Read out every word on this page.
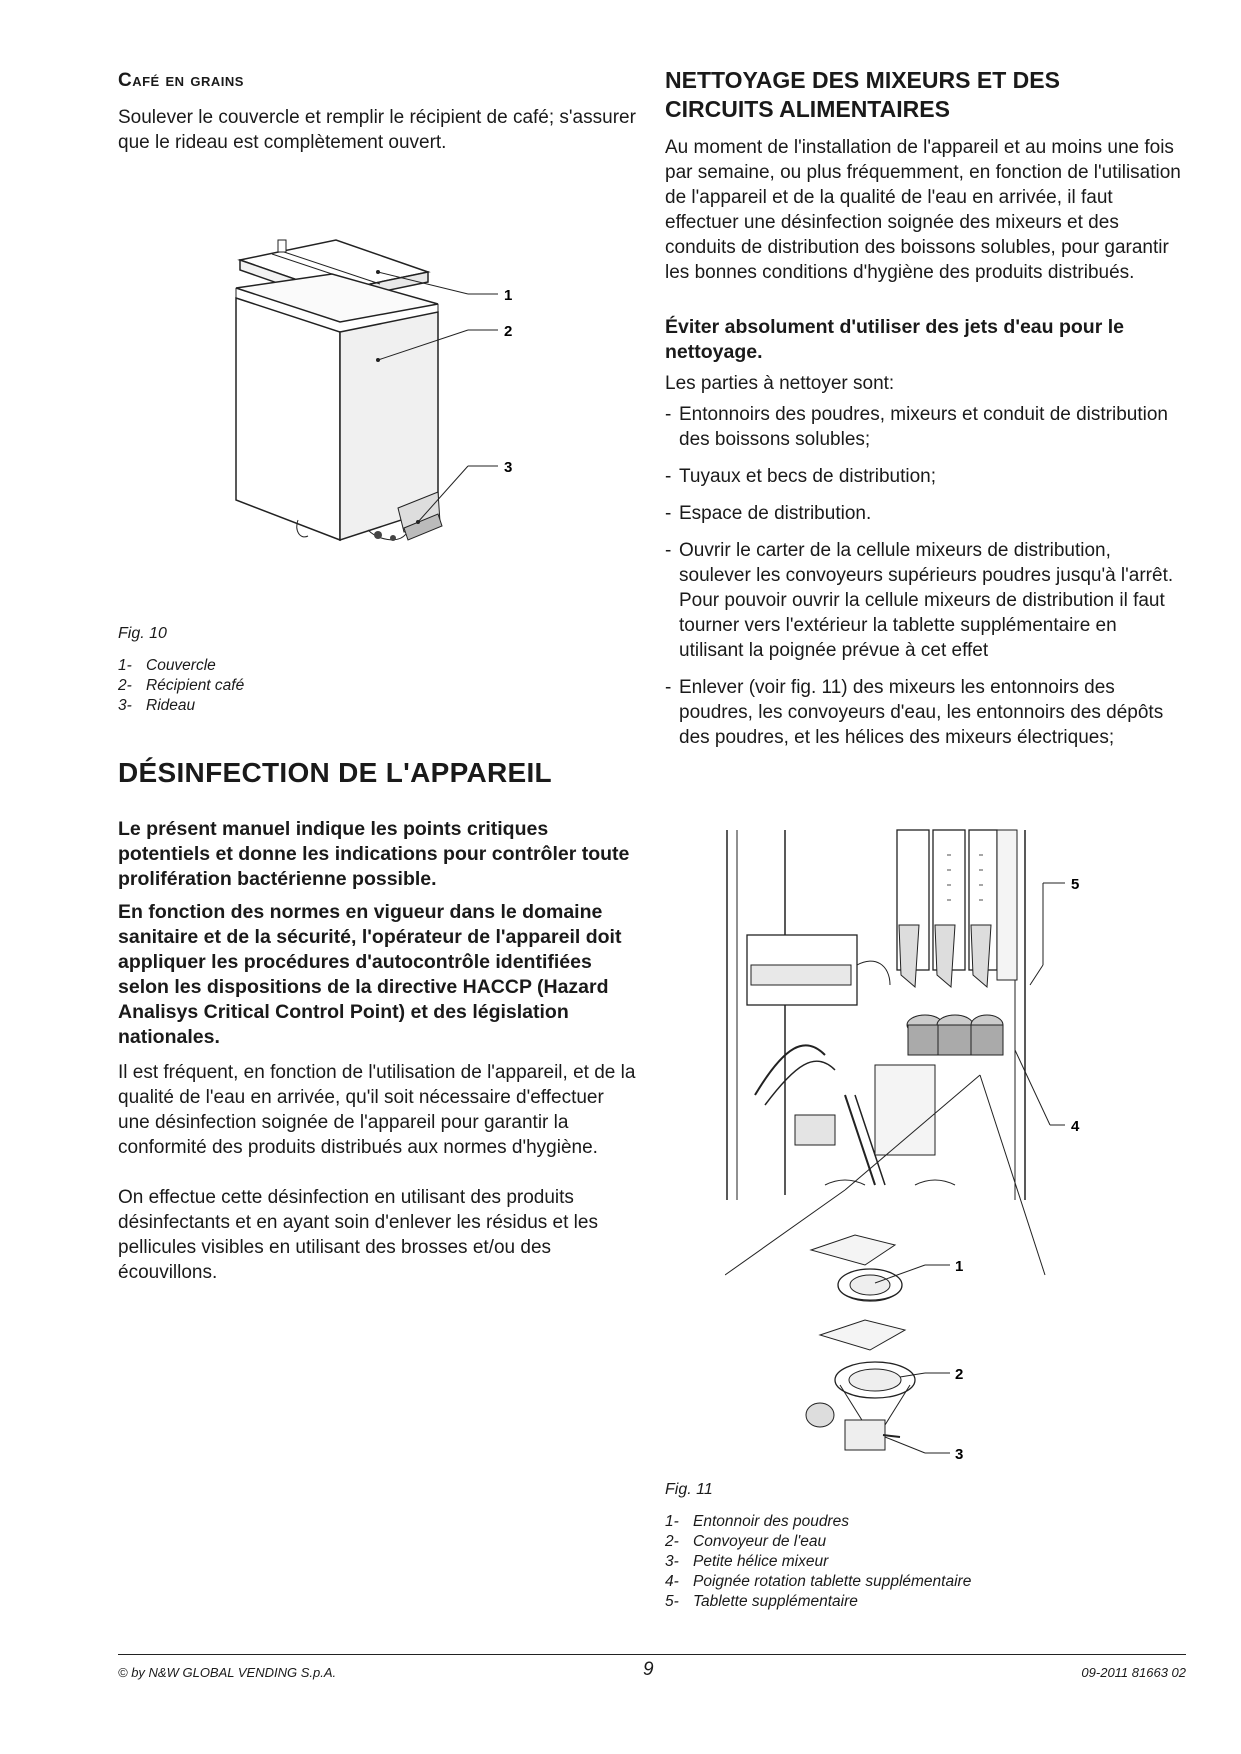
Café en grains

Soulever le couvercle et remplir le récipient de café; s'assurer que le rideau est complètement ouvert.

1
2
3
Fig. 10
1- Couvercle
2- Récipient café
3- Rideau
DÉSINFECTION DE L'APPAREIL

Le présent manuel indique les points critiques potentiels et donne les indications pour contrôler toute prolifération bactérienne possible.

En fonction des normes en vigueur dans le domaine sanitaire et de la sécurité, l'opérateur de l'appareil doit appliquer les procédures d'autocontrôle identifiées selon les dispositions de la directive HACCP (Hazard Analisys Critical Control Point) et des législation nationales.

Il est fréquent, en fonction de l'utilisation de l'appareil, et de la qualité de l'eau en arrivée, qu'il soit nécessaire d'effectuer une désinfection soignée de l'appareil pour garantir la conformité des produits distribués aux normes d'hygiène.

On effectue cette désinfection en utilisant des produits désinfectants et en ayant soin d'enlever les résidus et les pellicules visibles en utilisant des brosses et/ou des écouvillons.

NETTOYAGE DES MIXEURS ET DES
CIRCUITS ALIMENTAIRES

Au moment de l'installation de l'appareil et au moins une fois par semaine, ou plus fréquemment, en fonction de l'utilisation de l'appareil et de la qualité de l'eau en arrivée, il faut effectuer une désinfection soignée des mixeurs et des conduits de distribution des boissons solubles, pour garantir les bonnes conditions d'hygiène des produits distribués.

Éviter absolument d'utiliser des jets d'eau pour le nettoyage.

Les parties à nettoyer sont:

- Entonnoirs des poudres, mixeurs et conduit de distribution des boissons solubles;

- Tuyaux et becs de distribution;

- Espace de distribution.

- Ouvrir le carter de la cellule mixeurs de distribution, soulever les convoyeurs supérieurs poudres jusqu'à l'arrêt.
Pour pouvoir ouvrir la cellule mixeurs de distribution il faut tourner vers l'extérieur la tablette supplémentaire en utilisant la poignée prévue à cet effet

- Enlever (voir fig. 11) des mixeurs les entonnoirs des poudres, les convoyeurs d'eau, les entonnoirs des dépôts des poudres, et les hélices des mixeurs électriques;

5
4
1
2
3
Fig. 11
1- Entonnoir des poudres
2- Convoyeur de l'eau
3- Petite hélice mixeur
4- Poignée rotation tablette supplémentaire
5- Tablette supplémentaire
© by N&W GLOBAL VENDING S.p.A.	9	09-2011 81663 02
